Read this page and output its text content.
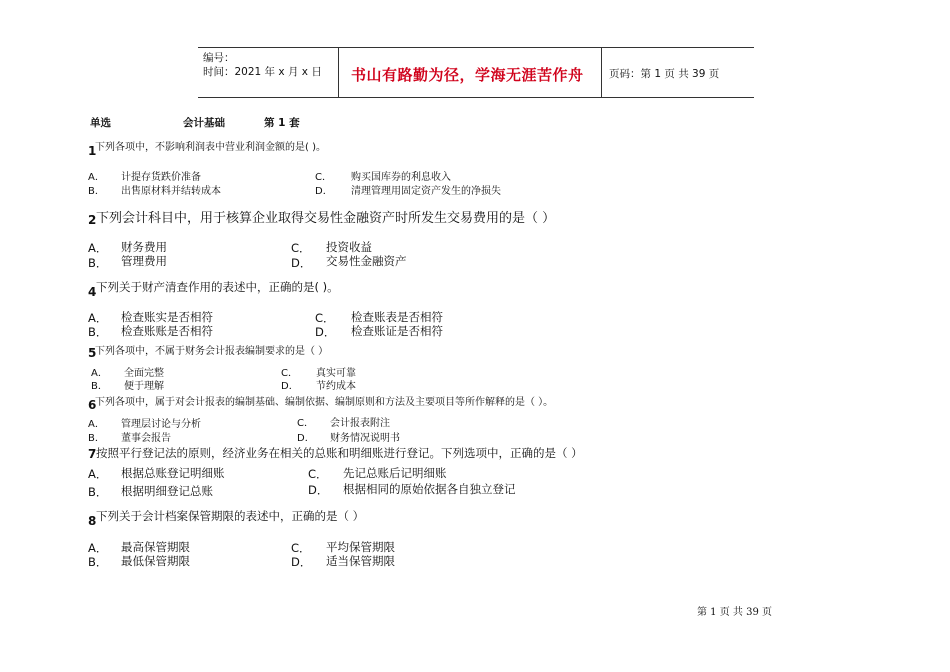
编号：
时间：2021 年 x 月 x 日 书山有路勤为径，学海无涯苦作舟 页码：第 1 页 共 39 页
单选	会计基础	第 1 套
1
下列各项中，不影响利润表中营业利润金额的是( )。
A． 计提存货跌价准备	C． 购买国库券的利息收入
B． 出售原材料并结转成本	D． 清理管理用固定资产发生的净损失
2 下列会计科目中，用于核算企业取得交易性金融资产时所发生交易费用的是（ ）
A． 财务费用	C． 投资收益
B． 管理费用	D． 交易性金融资产
4 下列关于财产清查作用的表述中，正确的是( )。
A． 检查账实是否相符	C． 检查账表是否相符
B． 检查账账是否相符	D． 检查账证是否相符
5
下列各项中，不属于财务会计报表编制要求的是（ ）
A． 全面完整	C． 真实可靠
B． 便于理解	D． 节约成本
6
下列各项中，属于对会计报表的编制基础、编制依据、编制原则和方法及主要项目等所作解释的是（ ）。
A． 管理层讨论与分析	C． 会计报表附注
B． 董事会报告	D． 财务情况说明书
7 按照平行登记法的原则，经济业务在相关的总账和明细账进行登记。下列选项中，正确的是（ ）
A． 根据总账登记明细账	C． 先记总账后记明细账
B． 根据明细登记总账	D． 根据相同的原始依据各自独立登记
8 下列关于会计档案保管期限的表述中，正确的是（ ）
A． 最高保管期限	C． 平均保管期限
B． 最低保管期限	D． 适当保管期限
第 1 页 共 39 页
